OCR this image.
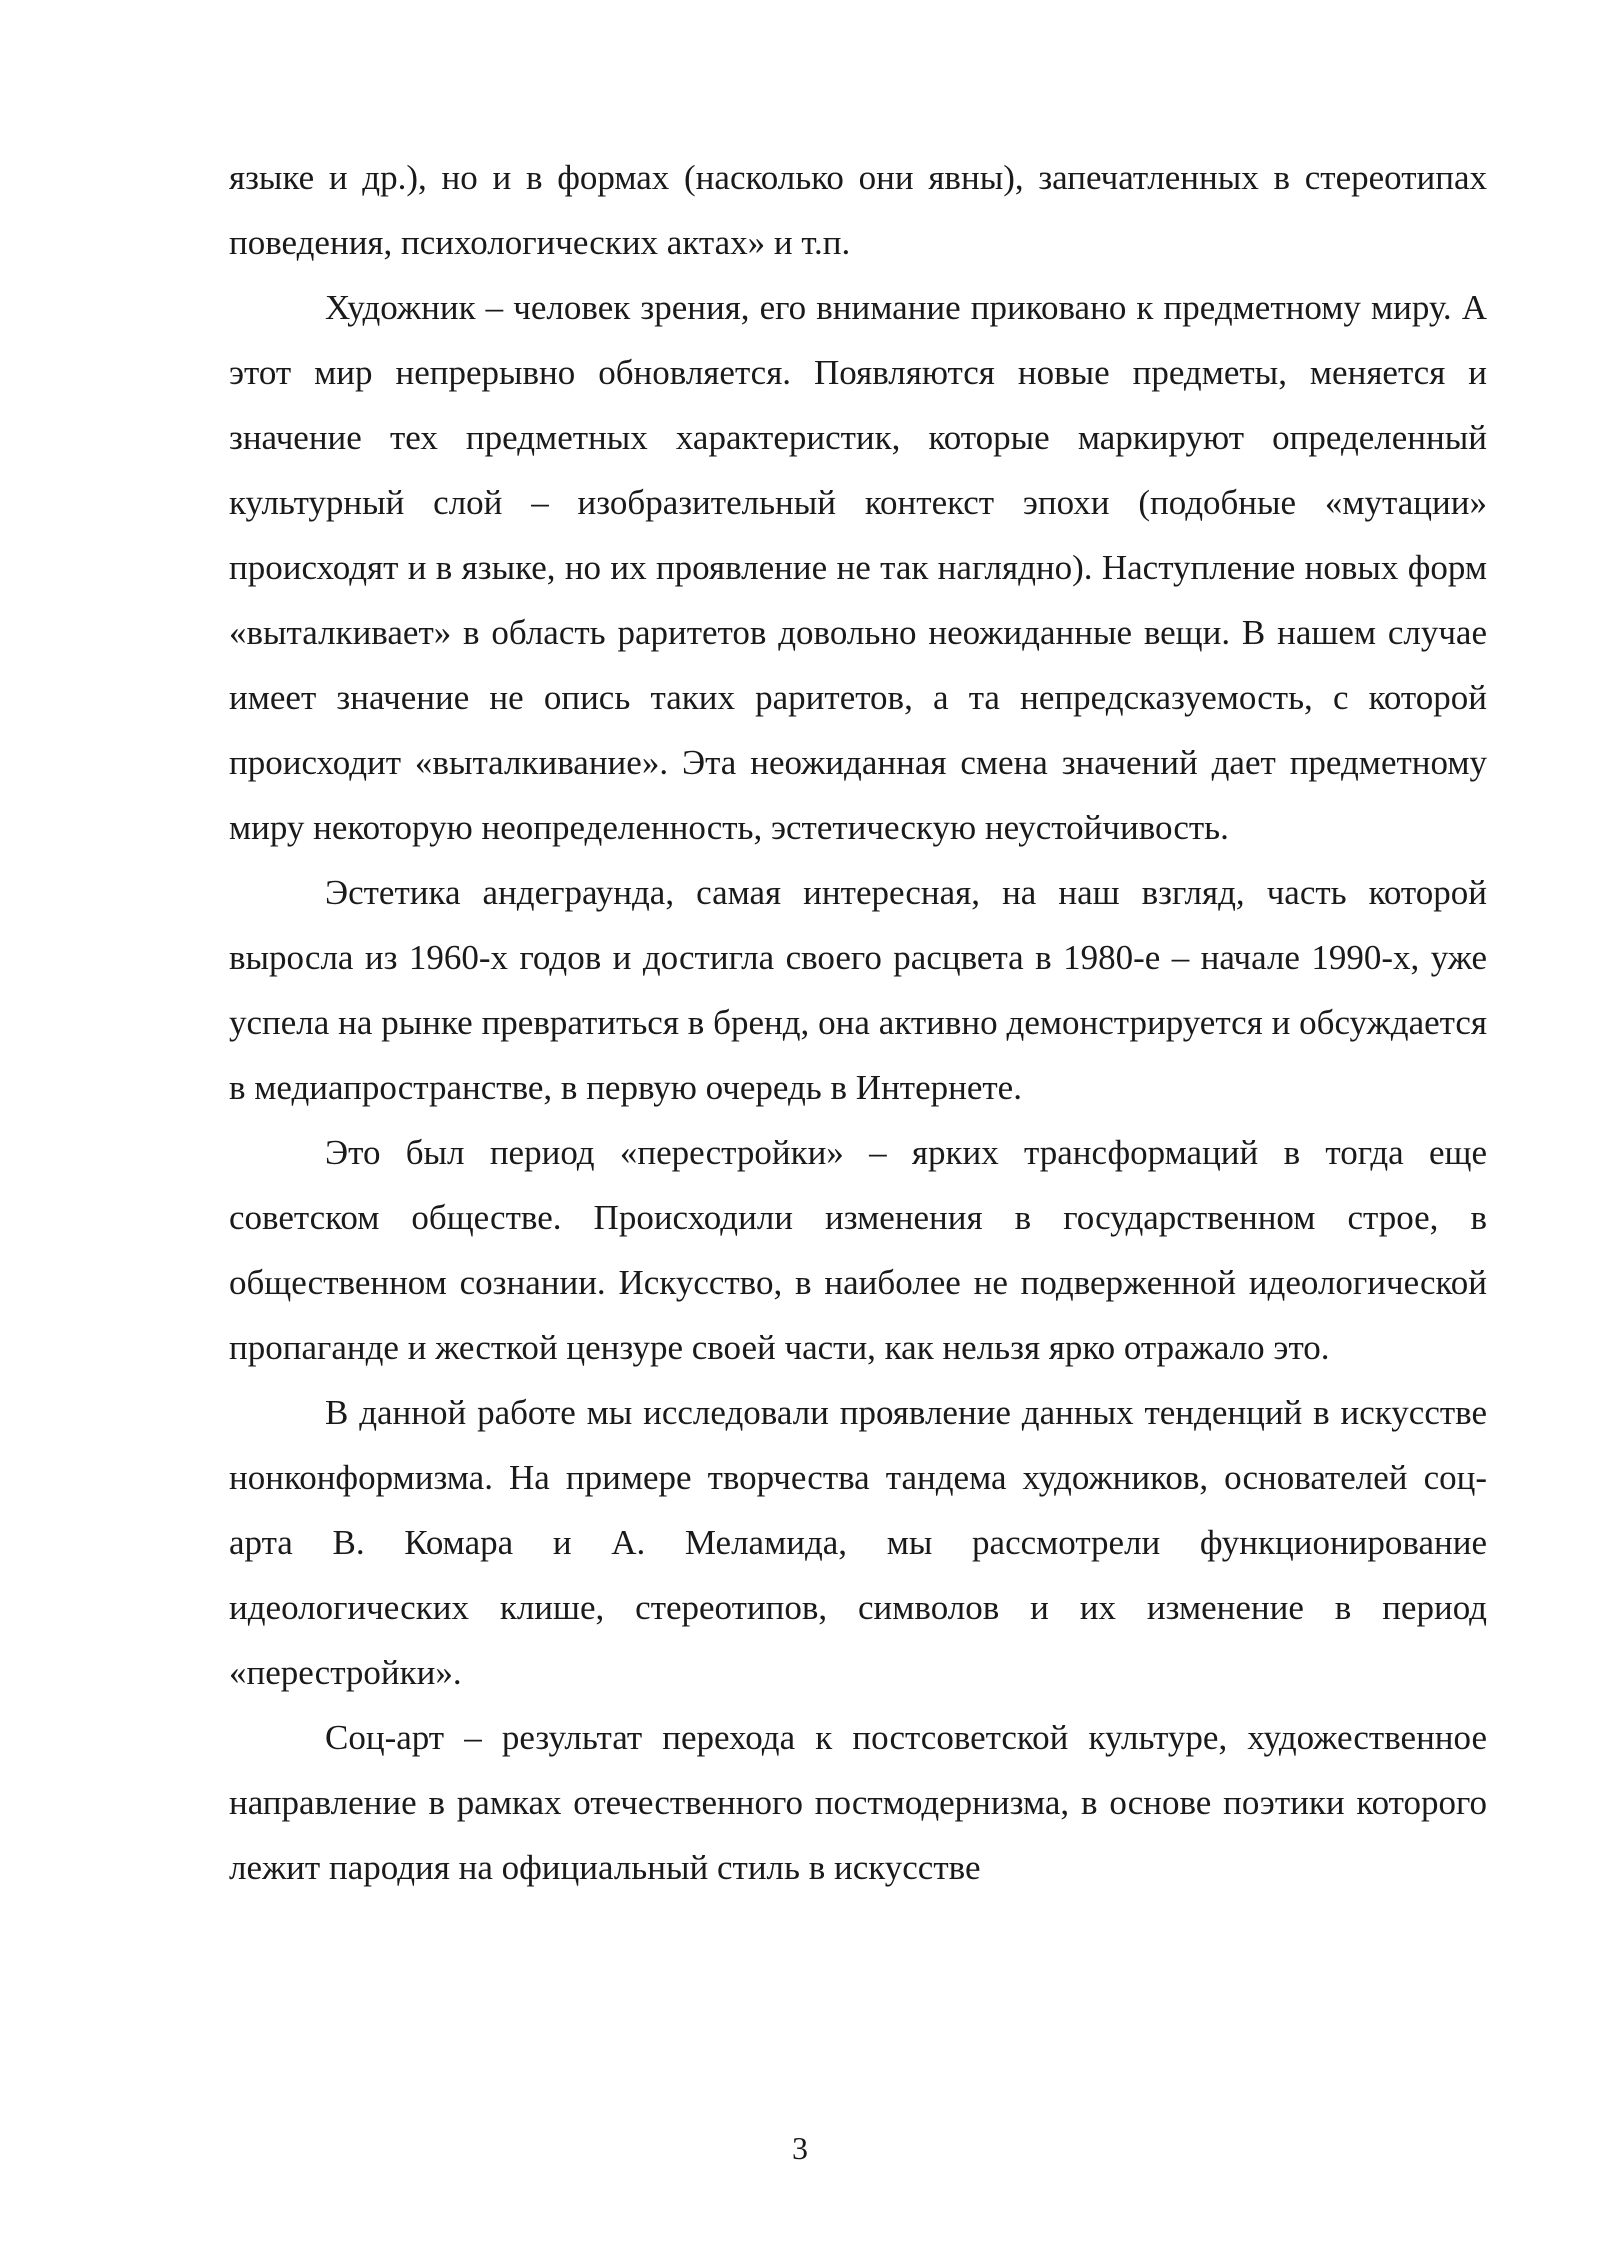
языке и др.), но и в формах (насколько они явны), запечатленных в стереотипах поведения, психологических актах» и т.п.

Художник – человек зрения, его внимание приковано к предметному миру. А этот мир непрерывно обновляется. Появляются новые предметы, меняется и значение тех предметных характеристик, которые маркируют определенный культурный слой – изобразительный контекст эпохи (подобные «мутации» происходят и в языке, но их проявление не так наглядно). Наступление новых форм «выталкивает» в область раритетов довольно неожиданные вещи. В нашем случае имеет значение не опись таких раритетов, а та непредсказуемость, с которой происходит «выталкивание». Эта неожиданная смена значений дает предметному миру некоторую неопределенность, эстетическую неустойчивость.

Эстетика андеграунда, самая интересная, на наш взгляд, часть которой выросла из 1960-х годов и достигла своего расцвета в 1980-е – начале 1990-х, уже успела на рынке превратиться в бренд, она активно демонстрируется и обсуждается в медиапространстве, в первую очередь в Интернете.

Это был период «перестройки» – ярких трансформаций в тогда еще советском обществе. Происходили изменения в государственном строе, в общественном сознании. Искусство, в наиболее не подверженной идеологической пропаганде и жесткой цензуре своей части, как нельзя ярко отражало это.

В данной работе мы исследовали проявление данных тенденций в искусстве нонконформизма. На примере творчества тандема художников, основателей соц-арта В. Комара и А. Меламида, мы рассмотрели функционирование идеологических клише, стереотипов, символов и их изменение в период «перестройки».

Соц-арт – результат перехода к постсоветской культуре, художественное направление в рамках отечественного постмодернизма, в основе поэтики которого лежит пародия на официальный стиль в искусстве

3
